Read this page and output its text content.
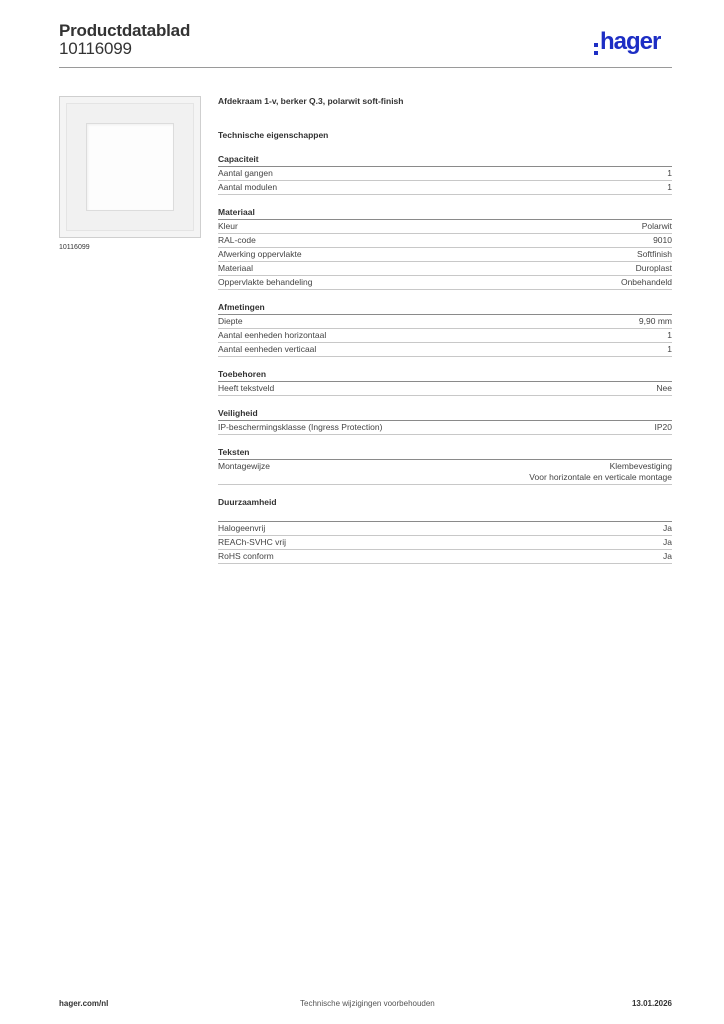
Productdatablad
10116099	hager
10116099
Afdekraam 1-v, berker Q.3, polarwit soft-finish
Technische eigenschappen
Capaciteit
Aantal gangen	1
Aantal modulen	1
Materiaal
Kleur	Polarwit
RAL-code	9010
Afwerking oppervlakte	Softfinish
Materiaal	Duroplast
Oppervlakte behandeling	Onbehandeld
Afmetingen
Diepte	9,90 mm
Aantal eenheden horizontaal	1
Aantal eenheden verticaal	1
Toebehoren
Heeft tekstveld	Nee
Veiligheid
IP-beschermingsklasse (Ingress Protection)	IP20
Teksten
Montagewijze	Klembevestiging
Voor horizontale en verticale montage
Duurzaamheid
Halogeenvrij	Ja
REACh-SVHC vrij	Ja
RoHS conform	Ja
hager.com/nl	Technische wijzigingen voorbehouden	13.01.2026
